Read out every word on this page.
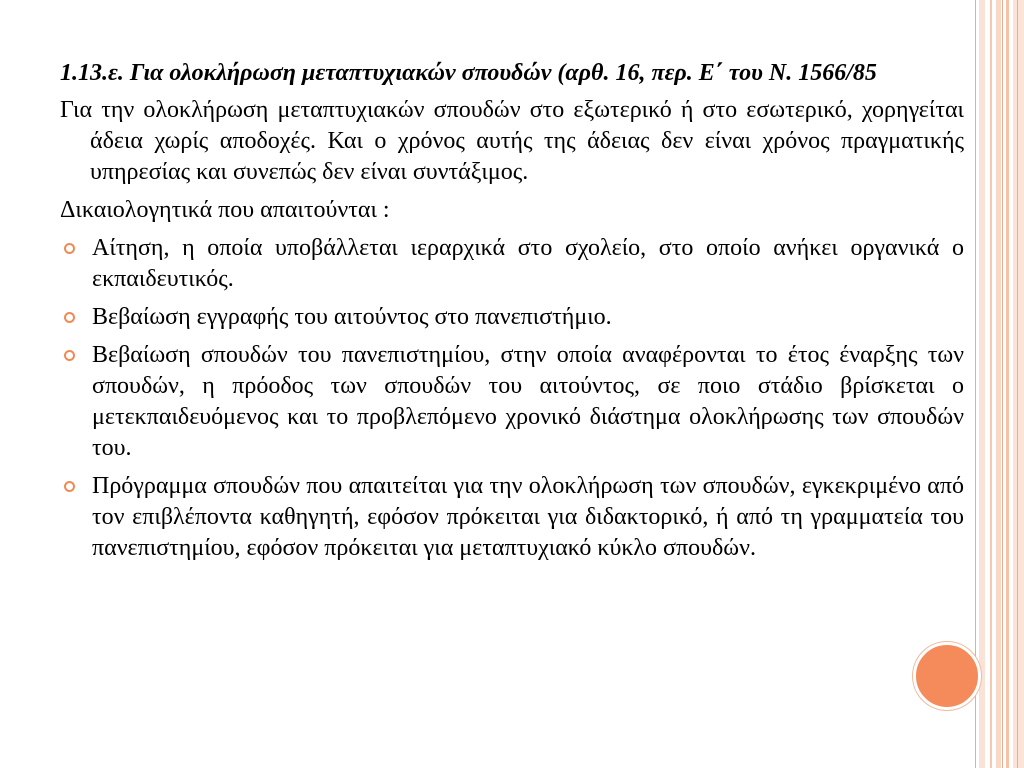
1.13.ε. Για ολοκλήρωση μεταπτυχιακών σπουδών (αρθ. 16, περ. Ε΄ του Ν. 1566/85

Για την ολοκλήρωση μεταπτυχιακών σπουδών στο εξωτερικό ή στο εσωτερικό, χορηγείται άδεια χωρίς αποδοχές. Και ο χρόνος αυτής της άδειας δεν είναι χρόνος πραγματικής υπηρεσίας και συνεπώς δεν είναι συντάξιμος.

Δικαιολογητικά που απαιτούνται :

Αίτηση, η οποία υποβάλλεται ιεραρχικά στο σχολείο, στο οποίο ανήκει οργανικά ο εκπαιδευτικός.
Βεβαίωση εγγραφής του αιτούντος στο πανεπιστήμιο.
Βεβαίωση σπουδών του πανεπιστημίου, στην οποία αναφέρονται το έτος έναρξης των σπουδών, η πρόοδος των σπουδών του αιτούντος, σε ποιο στάδιο βρίσκεται ο μετεκπαιδευόμενος και το προβλεπόμενο χρονικό διάστημα ολοκλήρωσης των σπουδών του.
Πρόγραμμα σπουδών που απαιτείται για την ολοκλήρωση των σπουδών, εγκεκριμένο από τον επιβλέποντα καθηγητή, εφόσον πρόκειται για διδακτορικό, ή από τη γραμματεία του πανεπιστημίου, εφόσον πρόκειται για μεταπτυχιακό κύκλο σπουδών.
